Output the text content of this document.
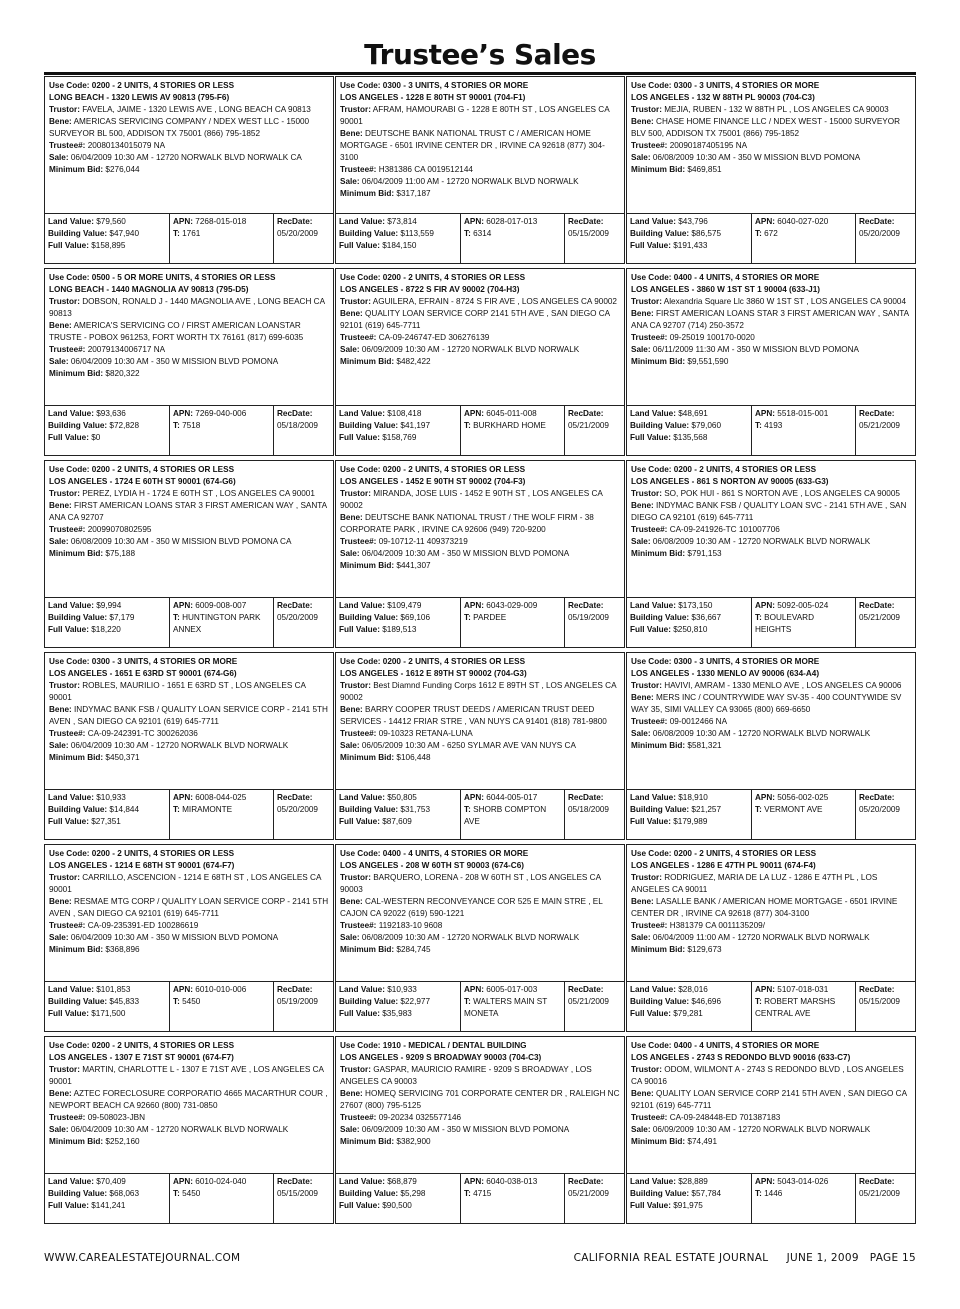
Trustee’s Sales
Use Code: 0200 - 2 UNITS, 4 STORIES OR LESS
LONG BEACH - 1320 LEWIS AV 90813 (795-F6)
Trustor: FAVELA, JAIME - 1320 LEWIS AVE , LONG BEACH CA 90813
Bene: AMERICAS SERVICING COMPANY / NDEX WEST LLC - 15000 SURVEYOR BL 500, ADDISON TX 75001 (866) 795-1852
Trustee#: 20080134015079 NA
Sale: 06/04/2009 10:30 AM - 12720 NORWALK BLVD NORWALK CA
Minimum Bid: $276,044
Land Value: $79,560
Building Value: $47,940
Full Value: $158,895
APN: 7268-015-018
T: 1761
RecDate:
05/20/2009
Use Code: 0500 - 5 OR MORE UNITS, 4 STORIES OR LESS
LONG BEACH - 1440 MAGNOLIA AV 90813 (795-D5)
Trustor: DOBSON, RONALD J - 1440 MAGNOLIA AVE , LONG BEACH CA 90813
Bene: AMERICA'S SERVICING CO / FIRST AMERICAN LOANSTAR TRUSTE - POBOX 961253, FORT WORTH TX 76161 (817) 699-6035
Trustee#: 20079134006717 NA
Sale: 06/04/2009 10:30 AM - 350 W MISSION BLVD POMONA
Minimum Bid: $820,322
Land Value: $93,636
Building Value: $72,828
Full Value: $0
APN: 7269-040-006
T: 7518
RecDate:
05/18/2009
Use Code: 0200 - 2 UNITS, 4 STORIES OR LESS
LOS ANGELES - 1724 E 60TH ST 90001 (674-G6)
Trustor: PEREZ, LYDIA H - 1724 E 60TH ST , LOS ANGELES CA 90001
Bene: FIRST AMERICAN LOANS STAR 3 FIRST AMERICAN WAY , SANTA ANA CA 92707
Trustee#: 20099070802595
Sale: 06/08/2009 10:30 AM - 350 W MISSION BLVD POMONA CA
Minimum Bid: $75,188
Land Value: $9,994
Building Value: $7,179
Full Value: $18,220
APN: 6009-008-007
T: HUNTINGTON PARK ANNEX
RecDate:
05/20/2009
Use Code: 0300 - 3 UNITS, 4 STORIES OR MORE
LOS ANGELES - 1651 E 63RD ST 90001 (674-G6)
Trustor: ROBLES, MAURILIO - 1651 E 63RD ST , LOS ANGELES CA 90001
Bene: INDYMAC BANK FSB / QUALITY LOAN SERVICE CORP - 2141 5TH AVEN , SAN DIEGO CA 92101 (619) 645-7711
Trustee#: CA-09-242391-TC 300262036
Sale: 06/04/2009 10:30 AM - 12720 NORWALK BLVD NORWALK
Minimum Bid: $450,371
Land Value: $10,933
Building Value: $14,844
Full Value: $27,351
APN: 6008-044-025
T: MIRAMONTE
RecDate:
05/20/2009
Use Code: 0200 - 2 UNITS, 4 STORIES OR LESS
LOS ANGELES - 1214 E 68TH ST 90001 (674-F7)
Trustor: CARRILLO, ASCENCION - 1214 E 68TH ST , LOS ANGELES CA 90001
Bene: RESMAE MTG CORP / QUALITY LOAN SERVICE CORP - 2141 5TH AVEN , SAN DIEGO CA 92101 (619) 645-7711
Trustee#: CA-09-235391-ED 100286619
Sale: 06/04/2009 10:30 AM - 350 W MISSION BLVD POMONA
Minimum Bid: $368,896
Land Value: $101,853
Building Value: $45,833
Full Value: $171,500
APN: 6010-010-006
T: 5450
RecDate:
05/19/2009
Use Code: 0200 - 2 UNITS, 4 STORIES OR LESS
LOS ANGELES - 1307 E 71ST ST 90001 (674-F7)
Trustor: MARTIN, CHARLOTTE L - 1307 E 71ST AVE , LOS ANGELES CA 90001
Bene: AZTEC FORECLOSURE CORPORATIO 4665 MACARTHUR COUR , NEWPORT BEACH CA 92660 (800) 731-0850
Trustee#: 09-508023-JBN
Sale: 06/04/2009 10:30 AM - 12720 NORWALK BLVD NORWALK
Minimum Bid: $252,160
Land Value: $70,409
Building Value: $68,063
Full Value: $141,241
APN: 6010-024-040
T: 5450
RecDate:
05/15/2009
Use Code: 0300 - 3 UNITS, 4 STORIES OR MORE
LOS ANGELES - 1228 E 80TH ST 90001 (704-F1)
Trustor: AFRAM, HAMOURABI G - 1228 E 80TH ST , LOS ANGELES CA 90001
Bene: DEUTSCHE BANK NATIONAL TRUST C / AMERICAN HOME MORTGAGE - 6501 IRVINE CENTER DR , IRVINE CA 92618 (877) 304-3100
Trustee#: H381386 CA 0019512144
Sale: 06/04/2009 11:00 AM - 12720 NORWALK BLVD NORWALK
Minimum Bid: $317,187
Land Value: $73,814
Building Value: $113,559
Full Value: $184,150
APN: 6028-017-013
T: 6314
RecDate:
05/15/2009
Use Code: 0200 - 2 UNITS, 4 STORIES OR LESS
LOS ANGELES - 8722 S FIR AV 90002 (704-H3)
Trustor: AGUILERA, EFRAIN - 8724 S FIR AVE , LOS ANGELES CA 90002
Bene: QUALITY LOAN SERVICE CORP 2141 5TH AVE , SAN DIEGO CA 92101 (619) 645-7711
Trustee#: CA-09-246747-ED 306276139
Sale: 06/09/2009 10:30 AM - 12720 NORWALK BLVD NORWALK
Minimum Bid: $482,422
Land Value: $108,418
Building Value: $41,197
Full Value: $158,769
APN: 6045-011-008
T: BURKHARD HOME
RecDate:
05/21/2009
Use Code: 0200 - 2 UNITS, 4 STORIES OR LESS
LOS ANGELES - 1452 E 90TH ST 90002 (704-F3)
Trustor: MIRANDA, JOSE LUIS - 1452 E 90TH ST , LOS ANGELES CA 90002
Bene: DEUTSCHE BANK NATIONAL TRUST / THE WOLF FIRM - 38 CORPORATE PARK , IRVINE CA 92606 (949) 720-9200
Trustee#: 09-10712-11 409373219
Sale: 06/04/2009 10:30 AM - 350 W MISSION BLVD POMONA
Minimum Bid: $441,307
Land Value: $109,479
Building Value: $69,106
Full Value: $189,513
APN: 6043-029-009
T: PARDEE
RecDate:
05/19/2009
Use Code: 0200 - 2 UNITS, 4 STORIES OR LESS
LOS ANGELES - 1612 E 89TH ST 90002 (704-G3)
Trustor: Best Diamnd Funding Corps 1612 E 89TH ST , LOS ANGELES CA 90002
Bene: BARRY COOPER TRUST DEEDS / AMERICAN TRUST DEED SERVICES - 14412 FRIAR STRE , VAN NUYS CA 91401 (818) 781-9800
Trustee#: 09-10323 RETANA-LUNA
Sale: 06/05/2009 10:30 AM - 6250 SYLMAR AVE VAN NUYS CA
Minimum Bid: $106,448
Land Value: $50,805
Building Value: $31,753
Full Value: $87,609
APN: 6044-005-017
T: SHORB COMPTON AVE
RecDate:
05/18/2009
Use Code: 0400 - 4 UNITS, 4 STORIES OR MORE
LOS ANGELES - 208 W 60TH ST 90003 (674-C6)
Trustor: BARQUERO, LORENA - 208 W 60TH ST , LOS ANGELES CA 90003
Bene: CAL-WESTERN RECONVEYANCE COR 525 E MAIN STRE , EL CAJON CA 92022 (619) 590-1221
Trustee#: 1192183-10 9608
Sale: 06/08/2009 10:30 AM - 12720 NORWALK BLVD NORWALK
Minimum Bid: $284,745
Land Value: $10,933
Building Value: $22,977
Full Value: $35,983
APN: 6005-017-003
T: WALTERS MAIN ST MONETA
RecDate:
05/21/2009
Use Code: 1910 - MEDICAL / DENTAL BUILDING
LOS ANGELES - 9209 S BROADWAY 90003 (704-C3)
Trustor: GASPAR, MAURICIO RAMIRE - 9209 S BROADWAY , LOS ANGELES CA 90003
Bene: HOMEQ SERVICING 701 CORPORATE CENTER DR , RALEIGH NC 27607 (800) 795-5125
Trustee#: 09-20234 0325577146
Sale: 06/09/2009 10:30 AM - 350 W MISSION BLVD POMONA
Minimum Bid: $382,900
Land Value: $68,879
Building Value: $5,298
Full Value: $90,500
APN: 6040-038-013
T: 4715
RecDate:
05/21/2009
Use Code: 0300 - 3 UNITS, 4 STORIES OR MORE
LOS ANGELES - 132 W 88TH PL 90003 (704-C3)
Trustor: MEJIA, RUBEN - 132 W 88TH PL , LOS ANGELES CA 90003
Bene: CHASE HOME FINANCE LLC / NDEX WEST - 15000 SURVEYOR BLV 500, ADDISON TX 75001 (866) 795-1852
Trustee#: 20090187405195 NA
Sale: 06/08/2009 10:30 AM - 350 W MISSION BLVD POMONA
Minimum Bid: $469,851
Land Value: $43,796
Building Value: $86,575
Full Value: $191,433
APN: 6040-027-020
T: 672
RecDate:
05/20/2009
Use Code: 0400 - 4 UNITS, 4 STORIES OR MORE
LOS ANGELES - 3860 W 1ST ST 1 90004 (633-J1)
Trustor: Alexandria Square Llc 3860 W 1ST ST , LOS ANGELES CA 90004
Bene: FIRST AMERICAN LOANS STAR 3 FIRST AMERICAN WAY , SANTA ANA CA 92707 (714) 250-3572
Trustee#: 09-25019 100170-0020
Sale: 06/11/2009 11:30 AM - 350 W MISSION BLVD POMONA
Minimum Bid: $9,551,590
Land Value: $48,691
Building Value: $79,060
Full Value: $135,568
APN: 5518-015-001
T: 4193
RecDate:
05/21/2009
Use Code: 0200 - 2 UNITS, 4 STORIES OR LESS
LOS ANGELES - 861 S NORTON AV 90005 (633-G3)
Trustor: SO, POK HUI - 861 S NORTON AVE , LOS ANGELES CA 90005
Bene: INDYMAC BANK FSB / QUALITY LOAN SVC - 2141 5TH AVE , SAN DIEGO CA 92101 (619) 645-7711
Trustee#: CA-09-241926-TC 101007706
Sale: 06/08/2009 10:30 AM - 12720 NORWALK BLVD NORWALK
Minimum Bid: $791,153
Land Value: $173,150
Building Value: $36,667
Full Value: $250,810
APN: 5092-005-024
T: BOULEVARD HEIGHTS
RecDate:
05/21/2009
Use Code: 0300 - 3 UNITS, 4 STORIES OR MORE
LOS ANGELES - 1330 MENLO AV 90006 (634-A4)
Trustor: HAVIVI, AMRAM - 1330 MENLO AVE , LOS ANGELES CA 90006
Bene: MERS INC / COUNTRYWIDE WAY SV-35 - 400 COUNTYWIDE SV WAY 35, SIMI VALLEY CA 93065 (800) 669-6650
Trustee#: 09-0012466 NA
Sale: 06/08/2009 10:30 AM - 12720 NORWALK BLVD NORWALK
Minimum Bid: $581,321
Land Value: $18,910
Building Value: $21,257
Full Value: $179,989
APN: 5056-002-025
T: VERMONT AVE
RecDate:
05/20/2009
Use Code: 0200 - 2 UNITS, 4 STORIES OR LESS
LOS ANGELES - 1286 E 47TH PL 90011 (674-F4)
Trustor: RODRIGUEZ, MARIA DE LA LUZ - 1286 E 47TH PL , LOS ANGELES CA 90011
Bene: LASALLE BANK / AMERICAN HOME MORTGAGE - 6501 IRVINE CENTER DR , IRVINE CA 92618 (877) 304-3100
Trustee#: H381379 CA 0011135209/
Sale: 06/04/2009 11:00 AM - 12720 NORWALK BLVD NORWALK
Minimum Bid: $129,673
Land Value: $28,016
Building Value: $46,696
Full Value: $79,281
APN: 5107-018-031
T: ROBERT MARSHS CENTRAL AVE
RecDate:
05/15/2009
Use Code: 0400 - 4 UNITS, 4 STORIES OR MORE
LOS ANGELES - 2743 S REDONDO BLVD 90016 (633-C7)
Trustor: ODOM, WILMONT A - 2743 S REDONDO BLVD , LOS ANGELES CA 90016
Bene: QUALITY LOAN SERVICE CORP 2141 5TH AVEN , SAN DIEGO CA 92101 (619) 645-7711
Trustee#: CA-09-248448-ED 701387183
Sale: 06/09/2009 10:30 AM - 12720 NORWALK BLVD NORWALK
Minimum Bid: $74,491
Land Value: $28,889
Building Value: $57,784
Full Value: $91,975
APN: 5043-014-026
T: 1446
RecDate:
05/21/2009
WWW.CAREALESTATEJOURNAL.COM	CALIFORNIA REAL ESTATE JOURNAL     JUNE 1, 2009   PAGE 15
